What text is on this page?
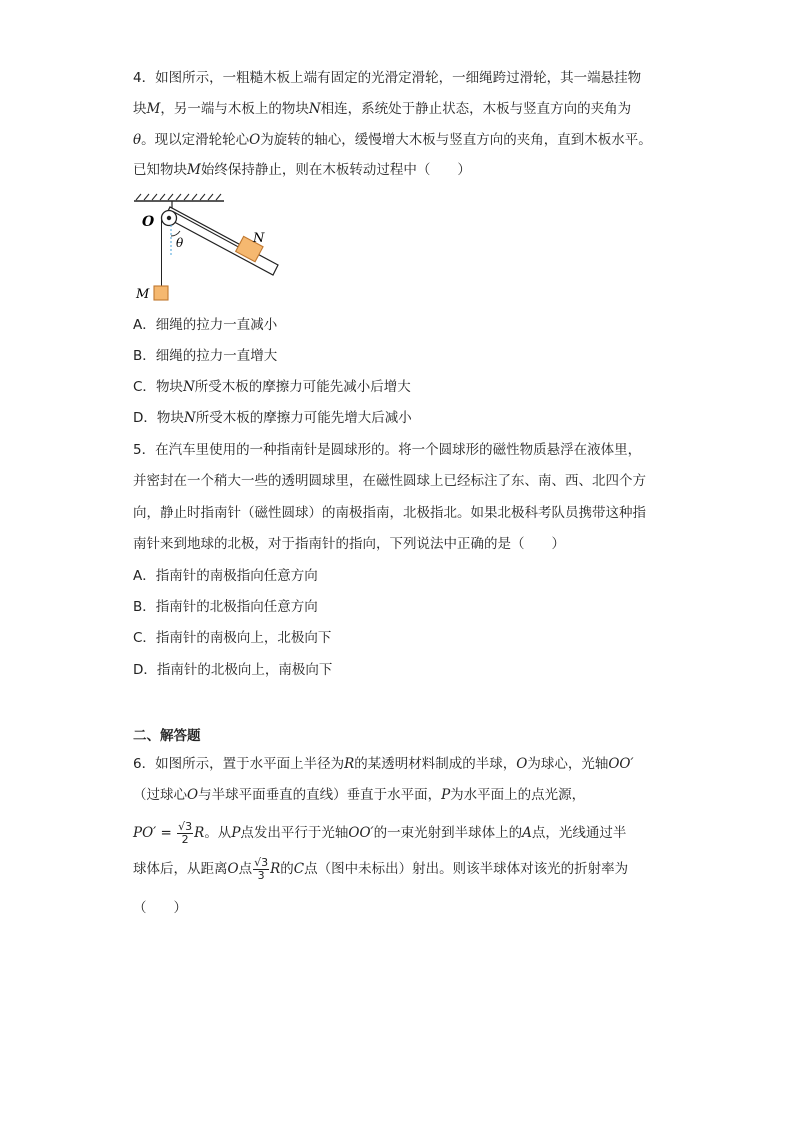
4．如图所示，一粗糙木板上端有固定的光滑定滑轮，一细绳跨过滑轮，其一端悬挂物
块M，另一端与木板上的物块N相连，系统处于静止状态，木板与竖直方向的夹角为
θ。现以定滑轮轮心O为旋转的轴心，缓慢增大木板与竖直方向的夹角，直到木板水平。
已知物块M始终保持静止，则在木板转动过程中（　　）
O
θ	N
M
A．细绳的拉力一直减小
B．细绳的拉力一直增大
C．物块N所受木板的摩擦力可能先减小后增大
D．物块N所受木板的摩擦力可能先增大后减小
5．在汽车里使用的一种指南针是圆球形的。将一个圆球形的磁性物质悬浮在液体里，
并密封在一个稍大一些的透明圆球里，在磁性圆球上已经标注了东、南、西、北四个方
向，静止时指南针（磁性圆球）的南极指南，北极指北。如果北极科考队员携带这种指
南针来到地球的北极，对于指南针的指向，下列说法中正确的是（　　）
A．指南针的南极指向任意方向
B．指南针的北极指向任意方向
C．指南针的南极向上，北极向下
D．指南针的北极向上，南极向下
二、解答题
6．如图所示，置于水平面上半径为R的某透明材料制成的半球，O为球心，光轴OO′
（过球心O与半球平面垂直的直线）垂直于水平面，P为水平面上的点光源，
$PO' = \frac{√3}{2}$ R。从P点发出平行于光轴OO′的一束光射到半球体上的A点，光线通过半
球体后，从距离O点 $\frac{√3}{3}$ R的C点（图中未标出）射出。则该半球体对该光的折射率为
（　　）
